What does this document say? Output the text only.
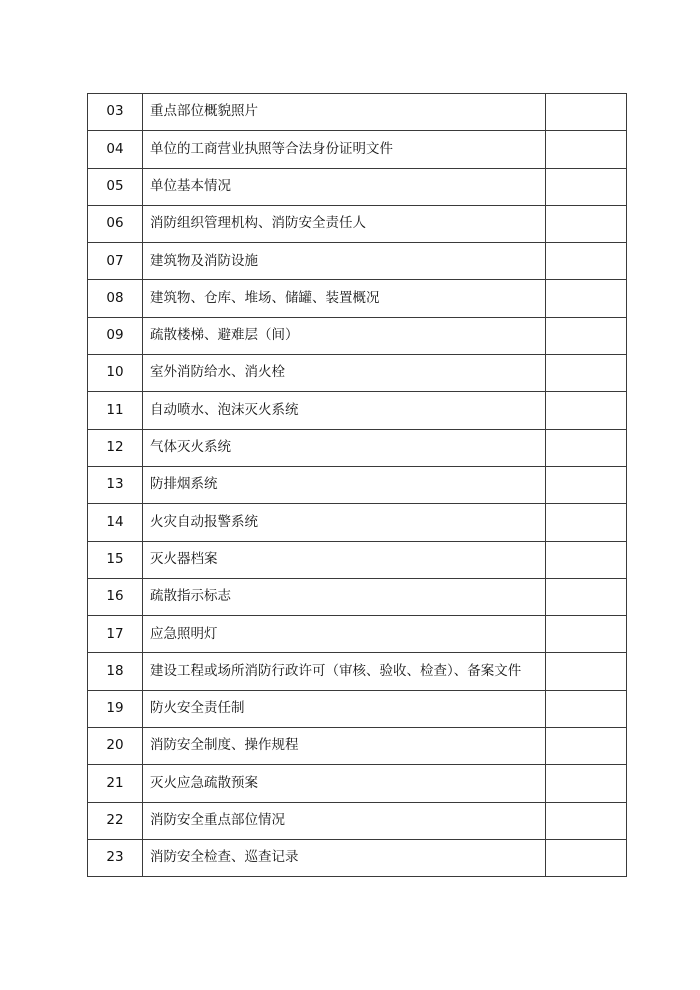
03	重点部位概貌照片	
04	单位的工商营业执照等合法身份证明文件	
05	单位基本情况	
06	消防组织管理机构、消防安全责任人	
07	建筑物及消防设施	
08	建筑物、仓库、堆场、储罐、装置概况	
09	疏散楼梯、避难层（间）	
10	室外消防给水、消火栓	
11	自动喷水、泡沫灭火系统	
12	气体灭火系统	
13	防排烟系统	
14	火灾自动报警系统	
15	灭火器档案	
16	疏散指示标志	
17	应急照明灯	
18	建设工程或场所消防行政许可（审核、验收、检查）、备案文件	
19	防火安全责任制	
20	消防安全制度、操作规程	
21	灭火应急疏散预案	
22	消防安全重点部位情况	
23	消防安全检查、巡查记录	
